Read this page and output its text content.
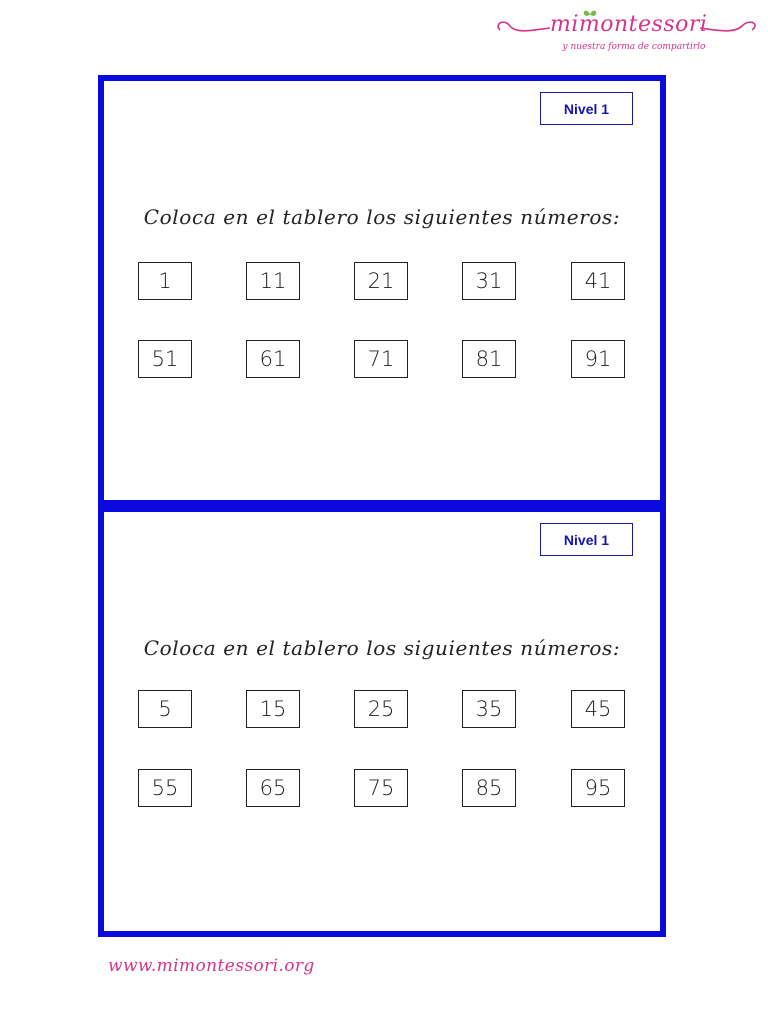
mimontessori
y nuestra forma de compartirlo
Nivel 1
Coloca en el tablero los siguientes números:
1	11	21	31	41
51	61	71	81	91
Nivel 1
Coloca en el tablero los siguientes números:
5	15	25	35	45
55	65	75	85	95
www.mimontessori.org
